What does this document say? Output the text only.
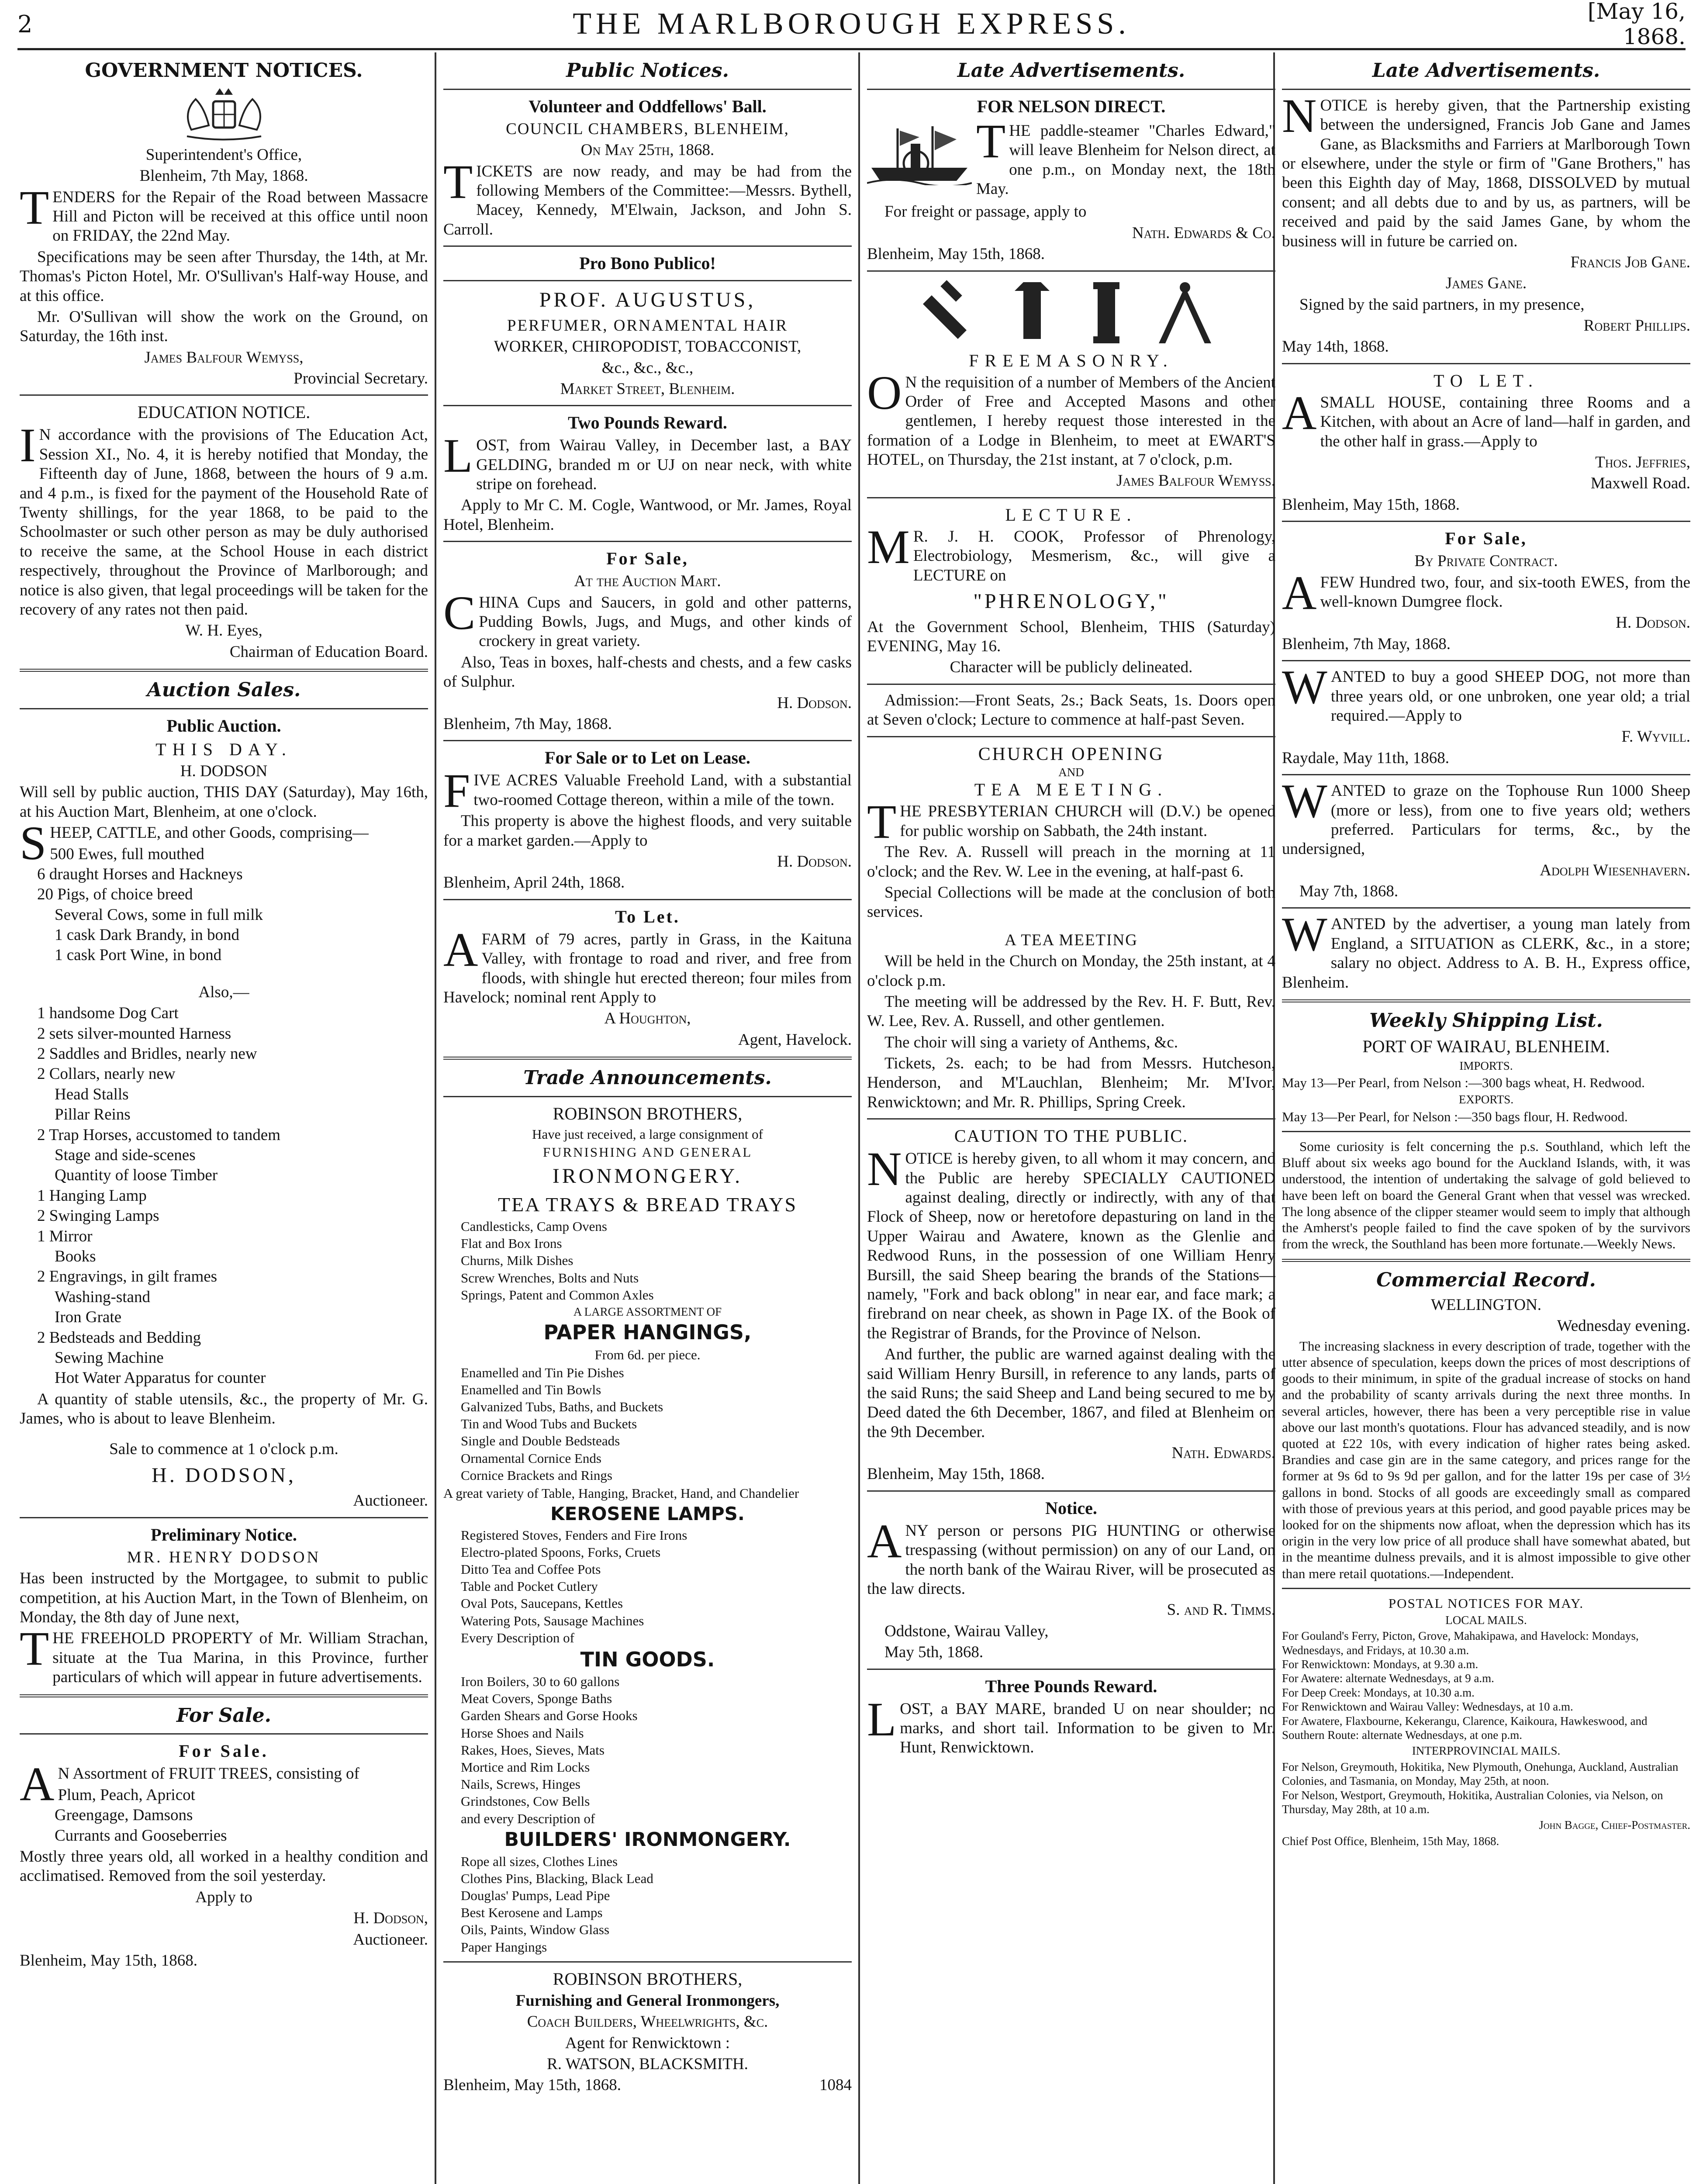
2	THE MARLBOROUGH EXPRESS.	[May 16, 1868.
GOVERNMENT NOTICES.

Superintendent's Office,

Blenheim, 7th May, 1868.

TENDERS for the Repair of the Road between Massacre Hill and Picton will be received at this office until noon on FRIDAY, the 22nd May.

Specifications may be seen after Thursday, the 14th, at Mr. Thomas's Picton Hotel, Mr. O'Sullivan's Half-way House, and at this office.

Mr. O'Sullivan will show the work on the Ground, on Saturday, the 16th inst.

James Balfour Wemyss,

Provincial Secretary.

EDUCATION NOTICE.

IN accordance with the provisions of The Education Act, Session XI., No. 4, it is hereby notified that Monday, the Fifteenth day of June, 1868, between the hours of 9 a.m. and 4 p.m., is fixed for the payment of the Household Rate of Twenty shillings, for the year 1868, to be paid to the Schoolmaster or such other person as may be duly authorised to receive the same, at the School House in each district respectively, throughout the Province of Marlborough; and notice is also given, that legal proceedings will be taken for the recovery of any rates not then paid.

W. H. Eyes,

Chairman of Education Board.

Auction Sales.
Public Auction.
THIS DAY.

H. DODSON

Will sell by public auction, THIS DAY (Saturday), May 16th, at his Auction Mart, Blenheim, at one o'clock.

SHEEP, CATTLE, and other Goods, comprising—

500 Ewes, full mouthed
6 draught Horses and Hackneys
20 Pigs, of choice breed
Several Cows, some in full milk
1 cask Dark Brandy, in bond
1 cask Port Wine, in bond

Also,—

1 handsome Dog Cart
2 sets silver-mounted Harness
2 Saddles and Bridles, nearly new
2 Collars, nearly new
Head Stalls
Pillar Reins
2 Trap Horses, accustomed to tandem
Stage and side-scenes
Quantity of loose Timber
1 Hanging Lamp
2 Swinging Lamps
1 Mirror
Books
2 Engravings, in gilt frames
Washing-stand
Iron Grate
2 Bedsteads and Bedding
Sewing Machine
Hot Water Apparatus for counter

A quantity of stable utensils, &c., the property of Mr. G. James, who is about to leave Blenheim.

Sale to commence at 1 o'clock p.m.

H. DODSON,

Auctioneer.

Preliminary Notice.

MR. HENRY DODSON

Has been instructed by the Mortgagee, to submit to public competition, at his Auction Mart, in the Town of Blenheim, on Monday, the 8th day of June next,

THE FREEHOLD PROPERTY of Mr. William Strachan, situate at the Tua Marina, in this Province, further particulars of which will appear in future advertisements.

For Sale.
For Sale.

AN Assortment of FRUIT TREES, consisting of

Plum, Peach, Apricot
Greengage, Damsons
Currants and Gooseberries

Mostly three years old, all worked in a healthy condition and acclimatised. Removed from the soil yesterday.

Apply to

H. Dodson,

Auctioneer.

Blenheim, May 15th, 1868.

Public Notices.
Volunteer and Oddfellows' Ball.

COUNCIL CHAMBERS, BLENHEIM,

On May 25th, 1868.

TICKETS are now ready, and may be had from the following Members of the Committee:—Messrs. Bythell, Macey, Kennedy, M'Elwain, Jackson, and John S. Carroll.

Pro Bono Publico!

PROF. AUGUSTUS,

PERFUMER, ORNAMENTAL HAIR

WORKER, CHIROPODIST, TOBACCONIST,

&c., &c., &c.,

Market Street, Blenheim.

Two Pounds Reward.

LOST, from Wairau Valley, in December last, a BAY GELDING, branded m or UJ on near neck, with white stripe on forehead.

Apply to Mr C. M. Cogle, Wantwood, or Mr. James, Royal Hotel, Blenheim.

For Sale,

At the Auction Mart.

CHINA Cups and Saucers, in gold and other patterns, Pudding Bowls, Jugs, and Mugs, and other kinds of crockery in great variety.

Also, Teas in boxes, half-chests and chests, and a few casks of Sulphur.

H. Dodson.

Blenheim, 7th May, 1868.

For Sale or to Let on Lease.

FIVE ACRES Valuable Freehold Land, with a substantial two-roomed Cottage thereon, within a mile of the town.

This property is above the highest floods, and very suitable for a market garden.—Apply to

H. Dodson.

Blenheim, April 24th, 1868.

To Let.

AFARM of 79 acres, partly in Grass, in the Kaituna Valley, with frontage to road and river, and free from floods, with shingle hut erected thereon; four miles from Havelock; nominal rent Apply to

A Houghton,

Agent, Havelock.

Trade Announcements.

ROBINSON BROTHERS,

Have just received, a large consignment of

FURNISHING AND GENERAL

IRONMONGERY.

TEA TRAYS & BREAD TRAYS

Candlesticks, Camp Ovens
Flat and Box Irons
Churns, Milk Dishes
Screw Wrenches, Bolts and Nuts
Springs, Patent and Common Axles

A LARGE ASSORTMENT OF

PAPER HANGINGS,

From 6d. per piece.

Enamelled and Tin Pie Dishes
Enamelled and Tin Bowls
Galvanized Tubs, Baths, and Buckets
Tin and Wood Tubs and Buckets
Single and Double Bedsteads
Ornamental Cornice Ends
Cornice Brackets and Rings

A great variety of Table, Hanging, Bracket, Hand, and Chandelier

KEROSENE LAMPS.

Registered Stoves, Fenders and Fire Irons
Electro-plated Spoons, Forks, Cruets
Ditto Tea and Coffee Pots
Table and Pocket Cutlery
Oval Pots, Saucepans, Kettles
Watering Pots, Sausage Machines
Every Description of

TIN GOODS.

Iron Boilers, 30 to 60 gallons
Meat Covers, Sponge Baths
Garden Shears and Gorse Hooks
Horse Shoes and Nails
Rakes, Hoes, Sieves, Mats
Mortice and Rim Locks
Nails, Screws, Hinges
Grindstones, Cow Bells
and every Description of

BUILDERS' IRONMONGERY.

Rope all sizes, Clothes Lines
Clothes Pins, Blacking, Black Lead
Douglas' Pumps, Lead Pipe
Best Kerosene and Lamps
Oils, Paints, Window Glass
Paper Hangings

ROBINSON BROTHERS,

Furnishing and General Ironmongers,

Coach Builders, Wheelwrights, &c.

Agent for Renwicktown :

R. WATSON, BLACKSMITH.

Blenheim, May 15th, 1868.	1084
Late Advertisements.
FOR NELSON DIRECT.

THE paddle-steamer "Charles Edward," will leave Blenheim for Nelson direct, at one p.m., on Monday next, the 18th May.

For freight or passage, apply to

Nath. Edwards & Co.

Blenheim, May 15th, 1868.

FREEMASONRY.

ON the requisition of a number of Members of the Ancient Order of Free and Accepted Masons and other gentlemen, I hereby request those interested in the formation of a Lodge in Blenheim, to meet at EWART'S HOTEL, on Thursday, the 21st instant, at 7 o'clock, p.m.

James Balfour Wemyss.

LECTURE.

MR. J. H. COOK, Professor of Phrenology, Electrobiology, Mesmerism, &c., will give a LECTURE on

"PHRENOLOGY,"

At the Government School, Blenheim, THIS (Saturday) EVENING, May 16.

Character will be publicly delineated.

Admission:—Front Seats, 2s.; Back Seats, 1s. Doors open at Seven o'clock; Lecture to commence at half-past Seven.

CHURCH OPENING
AND
TEA MEETING.

THE PRESBYTERIAN CHURCH will (D.V.) be opened for public worship on Sabbath, the 24th instant.

The Rev. A. Russell will preach in the morning at 11 o'clock; and the Rev. W. Lee in the evening, at half-past 6.

Special Collections will be made at the conclusion of both services.

A TEA MEETING

Will be held in the Church on Monday, the 25th instant, at 4 o'clock p.m.

The meeting will be addressed by the Rev. H. F. Butt, Rev. W. Lee, Rev. A. Russell, and other gentlemen.

The choir will sing a variety of Anthems, &c.

Tickets, 2s. each; to be had from Messrs. Hutcheson, Henderson, and M'Lauchlan, Blenheim; Mr. M'Ivor, Renwicktown; and Mr. R. Phillips, Spring Creek.

CAUTION TO THE PUBLIC.

NOTICE is hereby given, to all whom it may concern, and the Public are hereby SPECIALLY CAUTIONED against dealing, directly or indirectly, with any of that Flock of Sheep, now or heretofore depasturing on land in the Upper Wairau and Awatere, known as the Glenlie and Redwood Runs, in the possession of one William Henry Bursill, the said Sheep bearing the brands of the Stations—namely, "Fork and back oblong" in near ear, and face mark; a firebrand on near cheek, as shown in Page IX. of the Book of the Registrar of Brands, for the Province of Nelson.

And further, the public are warned against dealing with the said William Henry Bursill, in reference to any lands, parts of the said Runs; the said Sheep and Land being secured to me by Deed dated the 6th December, 1867, and filed at Blenheim on the 9th December.

Nath. Edwards.

Blenheim, May 15th, 1868.

Notice.

ANY person or persons PIG HUNTING or otherwise trespassing (without permission) on any of our Land, on the north bank of the Wairau River, will be prosecuted as the law directs.

S. and R. Timms.

Oddstone, Wairau Valley,

May 5th, 1868.

Three Pounds Reward.

LOST, a BAY MARE, branded U on near shoulder; no marks, and short tail. Information to be given to Mr. Hunt, Renwicktown.

Late Advertisements.

NOTICE is hereby given, that the Partnership existing between the undersigned, Francis Job Gane and James Gane, as Blacksmiths and Farriers at Marlborough Town or elsewhere, under the style or firm of "Gane Brothers," has been this Eighth day of May, 1868, DISSOLVED by mutual consent; and all debts due to and by us, as partners, will be received and paid by the said James Gane, by whom the business will in future be carried on.

Francis Job Gane.

James Gane.

Signed by the said partners, in my presence,

Robert Phillips.

May 14th, 1868.

TO LET.

ASMALL HOUSE, containing three Rooms and a Kitchen, with about an Acre of land—half in garden, and the other half in grass.—Apply to

Thos. Jeffries,

Maxwell Road.

Blenheim, May 15th, 1868.

For Sale,

By Private Contract.

AFEW Hundred two, four, and six-tooth EWES, from the well-known Dumgree flock.

H. Dodson.

Blenheim, 7th May, 1868.

WANTED to buy a good SHEEP DOG, not more than three years old, or one unbroken, one year old; a trial required.—Apply to

F. Wyvill.

Raydale, May 11th, 1868.

WANTED to graze on the Tophouse Run 1000 Sheep (more or less), from one to five years old; wethers preferred. Particulars for terms, &c., by the undersigned,

Adolph Wiesenhavern.

May 7th, 1868.

WANTED by the advertiser, a young man lately from England, a SITUATION as CLERK, &c., in a store; salary no object. Address to A. B. H., Express office, Blenheim.

Weekly Shipping List.

PORT OF WAIRAU, BLENHEIM.

IMPORTS.

May 13—Per Pearl, from Nelson :—300 bags wheat, H. Redwood.

EXPORTS.

May 13—Per Pearl, for Nelson :—350 bags flour, H. Redwood.

Some curiosity is felt concerning the p.s. Southland, which left the Bluff about six weeks ago bound for the Auckland Islands, with, it was understood, the intention of undertaking the salvage of gold believed to have been left on board the General Grant when that vessel was wrecked. The long absence of the clipper steamer would seem to imply that although the Amherst's people failed to find the cave spoken of by the survivors from the wreck, the Southland has been more fortunate.—Weekly News.

Commercial Record.

WELLINGTON.

Wednesday evening.

The increasing slackness in every description of trade, together with the utter absence of speculation, keeps down the prices of most descriptions of goods to their minimum, in spite of the gradual increase of stocks on hand and the probability of scanty arrivals during the next three months. In several articles, however, there has been a very perceptible rise in value above our last month's quotations. Flour has advanced steadily, and is now quoted at £22 10s, with every indication of higher rates being asked. Brandies and case gin are in the same category, and prices range for the former at 9s 6d to 9s 9d per gallon, and for the latter 19s per case of 3½ gallons in bond. Stocks of all goods are exceedingly small as compared with those of previous years at this period, and good payable prices may be looked for on the shipments now afloat, when the depression which has its origin in the very low price of all produce shall have somewhat abated, but in the meantime dulness prevails, and it is almost impossible to give other than mere retail quotations.—Independent.

POSTAL NOTICES FOR MAY.

LOCAL MAILS.

For Gouland's Ferry, Picton, Grove, Mahakipawa, and Havelock: Mondays, Wednesdays, and Fridays, at 10.30 a.m.
For Renwicktown: Mondays, at 9.30 a.m.
For Awatere: alternate Wednesdays, at 9 a.m.
For Deep Creek: Mondays, at 10.30 a.m.
For Renwicktown and Wairau Valley: Wednesdays, at 10 a.m.
For Awatere, Flaxbourne, Kekerangu, Clarence, Kaikoura, Hawkeswood, and Southern Route: alternate Wednesdays, at one p.m.

INTERPROVINCIAL MAILS.

For Nelson, Greymouth, Hokitika, New Plymouth, Onehunga, Auckland, Australian Colonies, and Tasmania, on Monday, May 25th, at noon.
For Nelson, Westport, Greymouth, Hokitika, Australian Colonies, via Nelson, on Thursday, May 28th, at 10 a.m.

John Bagge, Chief-Postmaster.

Chief Post Office, Blenheim, 15th May, 1868.
